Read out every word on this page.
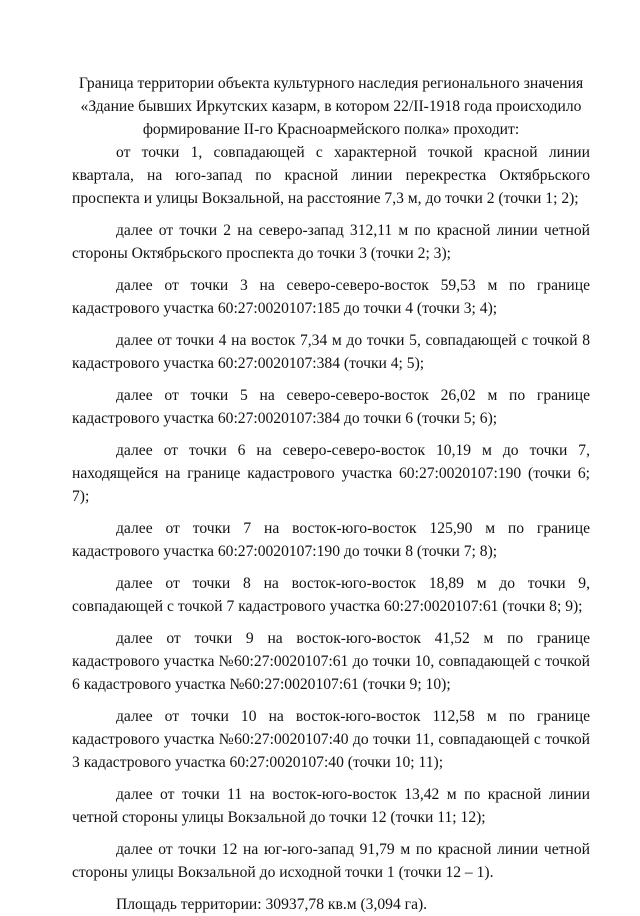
Граница территории объекта культурного наследия регионального значения «Здание бывших Иркутских казарм, в котором 22/II-1918 года происходило формирование II-го Красноармейского полка» проходит:

от точки 1, совпадающей с характерной точкой красной линии квартала, на юго-запад по красной линии перекрестка Октябрьского проспекта и улицы Вокзальной, на расстояние 7,3 м, до точки 2 (точки 1; 2);

далее от точки 2 на северо-запад 312,11 м по красной линии четной стороны Октябрьского проспекта до точки 3 (точки 2; 3);

далее от точки 3 на северо-северо-восток 59,53 м по границе кадастрового участка 60:27:0020107:185 до точки 4 (точки 3; 4);

далее от точки 4 на восток 7,34 м до точки 5, совпадающей с точкой 8 кадастрового участка 60:27:0020107:384 (точки 4; 5);

далее от точки 5 на северо-северо-восток 26,02 м по границе кадастрового участка 60:27:0020107:384 до точки 6 (точки 5; 6);

далее от точки 6 на северо-северо-восток 10,19 м до точки 7, находящейся на границе кадастрового участка 60:27:0020107:190 (точки 6; 7);

далее от точки 7 на восток-юго-восток 125,90 м по границе кадастрового участка 60:27:0020107:190 до точки 8 (точки 7; 8);

далее от точки 8 на восток-юго-восток 18,89 м до точки 9, совпадающей с точкой 7 кадастрового участка 60:27:0020107:61 (точки 8; 9);

далее от точки 9 на восток-юго-восток 41,52 м по границе кадастрового участка №60:27:0020107:61 до точки 10, совпадающей с точкой 6 кадастрового участка №60:27:0020107:61 (точки 9; 10);

далее от точки 10 на восток-юго-восток 112,58 м по границе кадастрового участка №60:27:0020107:40 до точки 11, совпадающей с точкой 3 кадастрового участка 60:27:0020107:40 (точки 10; 11);

далее от точки 11 на восток-юго-восток 13,42 м по красной линии четной стороны улицы Вокзальной до точки 12 (точки 11; 12);

далее от точки 12 на юг-юго-запад 91,79 м по красной линии четной стороны улицы Вокзальной до исходной точки 1 (точки 12 – 1).

Площадь территории: 30937,78 кв.м (3,094 га).
